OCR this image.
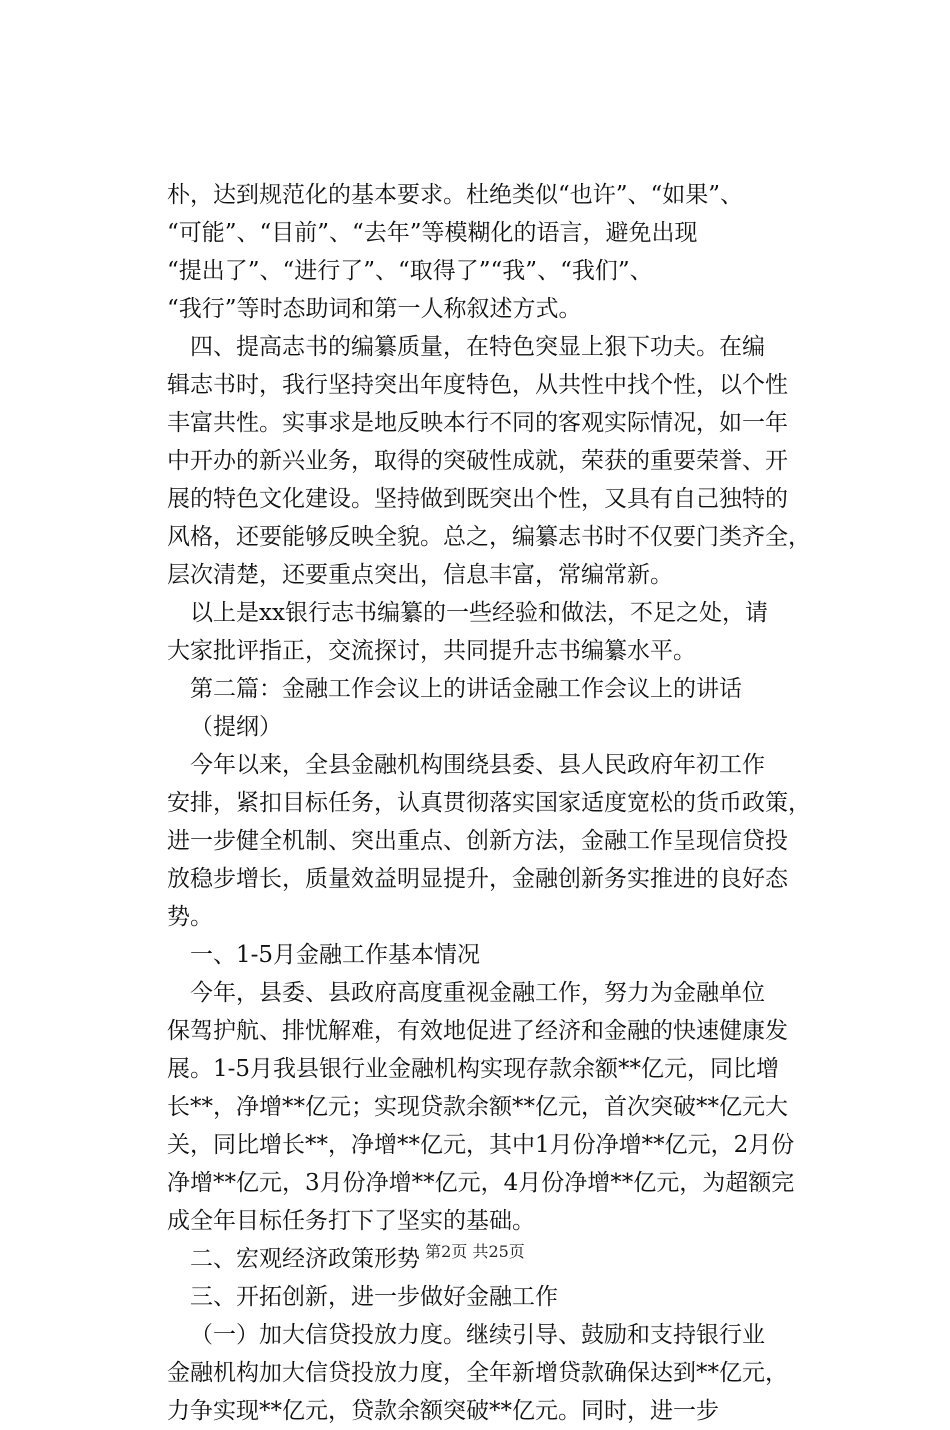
朴，达到规范化的基本要求。杜绝类似“也许”、“如果”、
“可能”、“目前”、“去年”等模糊化的语言，避免出现
“提出了”、“进行了”、“取得了”“我”、“我们”、
“我行”等时态助词和第一人称叙述方式。
四、提高志书的编纂质量，在特色突显上狠下功夫。在编
辑志书时，我行坚持突出年度特色，从共性中找个性，以个性
丰富共性。实事求是地反映本行不同的客观实际情况，如一年
中开办的新兴业务，取得的突破性成就，荣获的重要荣誉、开
展的特色文化建设。坚持做到既突出个性，又具有自己独特的
风格，还要能够反映全貌。总之，编纂志书时不仅要门类齐全，
层次清楚，还要重点突出，信息丰富，常编常新。
以上是xx银行志书编纂的一些经验和做法，不足之处，请
大家批评指正，交流探讨，共同提升志书编纂水平。
第二篇：金融工作会议上的讲话金融工作会议上的讲话
（提纲）
今年以来，全县金融机构围绕县委、县人民政府年初工作
安排，紧扣目标任务，认真贯彻落实国家适度宽松的货币政策，
进一步健全机制、突出重点、创新方法，金融工作呈现信贷投
放稳步增长，质量效益明显提升，金融创新务实推进的良好态
势。
一、1-5月金融工作基本情况
今年，县委、县政府高度重视金融工作，努力为金融单位
保驾护航、排忧解难，有效地促进了经济和金融的快速健康发
展。1-5月我县银行业金融机构实现存款余额**亿元，同比增
长**，净增**亿元；实现贷款余额**亿元，首次突破**亿元大
关，同比增长**，净增**亿元，其中1月份净增**亿元，2月份
净增**亿元，3月份净增**亿元，4月份净增**亿元，为超额完
成全年目标任务打下了坚实的基础。
二、宏观经济政策形势
三、开拓创新，进一步做好金融工作
（一）加大信贷投放力度。继续引导、鼓励和支持银行业
金融机构加大信贷投放力度，全年新增贷款确保达到**亿元，
力争实现**亿元，贷款余额突破**亿元。同时，进一步
第2页 共25页
